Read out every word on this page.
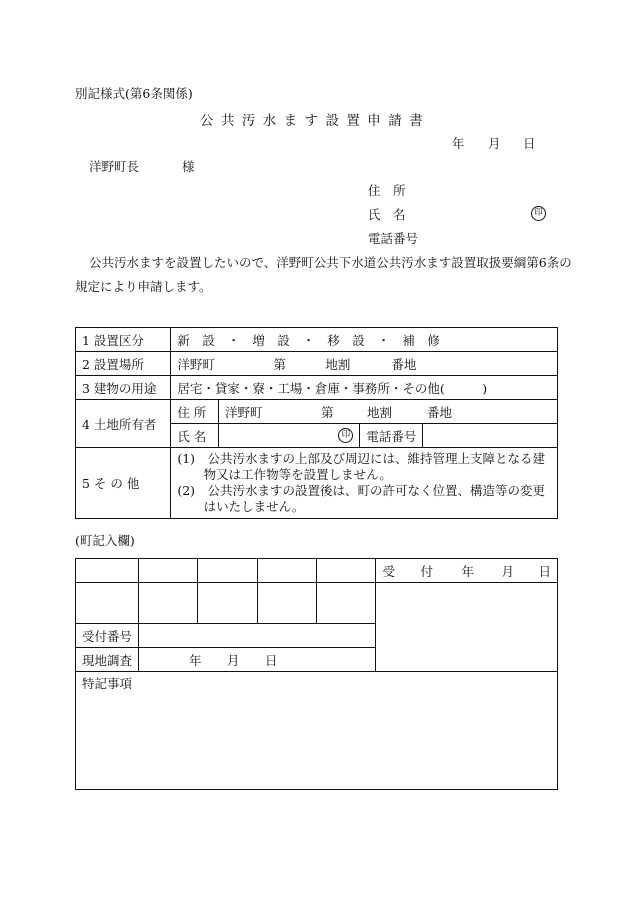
別記様式(第6条関係)
公共汚水ます設置申請書
年 月 日
洋野町長	様
住　所
氏　名	印
電話番号
公共汚水ますを設置したいので、洋野町公共下水道公共汚水ます設置取扱要綱第6条の
規定により申請します。
1 設置区分	新　設　・　増　設　・　移　設　・　補　修			
2 設置場所	洋野町 第 地割 番地			
3 建物の用途	居宅・貸家・寮・工場・倉庫・事務所・その他(　　　)			
4 土地所有者	住 所	洋野町 第 地割 番地		
	氏 名	印	電話番号	
5 そ の 他	(1)　公共汚水ますの上部及び周辺には、維持管理上支障となる建物又は工作物等を設置しません。
(2)　公共汚水ますの設置後は、町の許可なく位置、構造等の変更はいたしません。			
(町記入欄)
					受 付 年 月 日

受付番号					
現地調査	年 月 日				
特記事項					
